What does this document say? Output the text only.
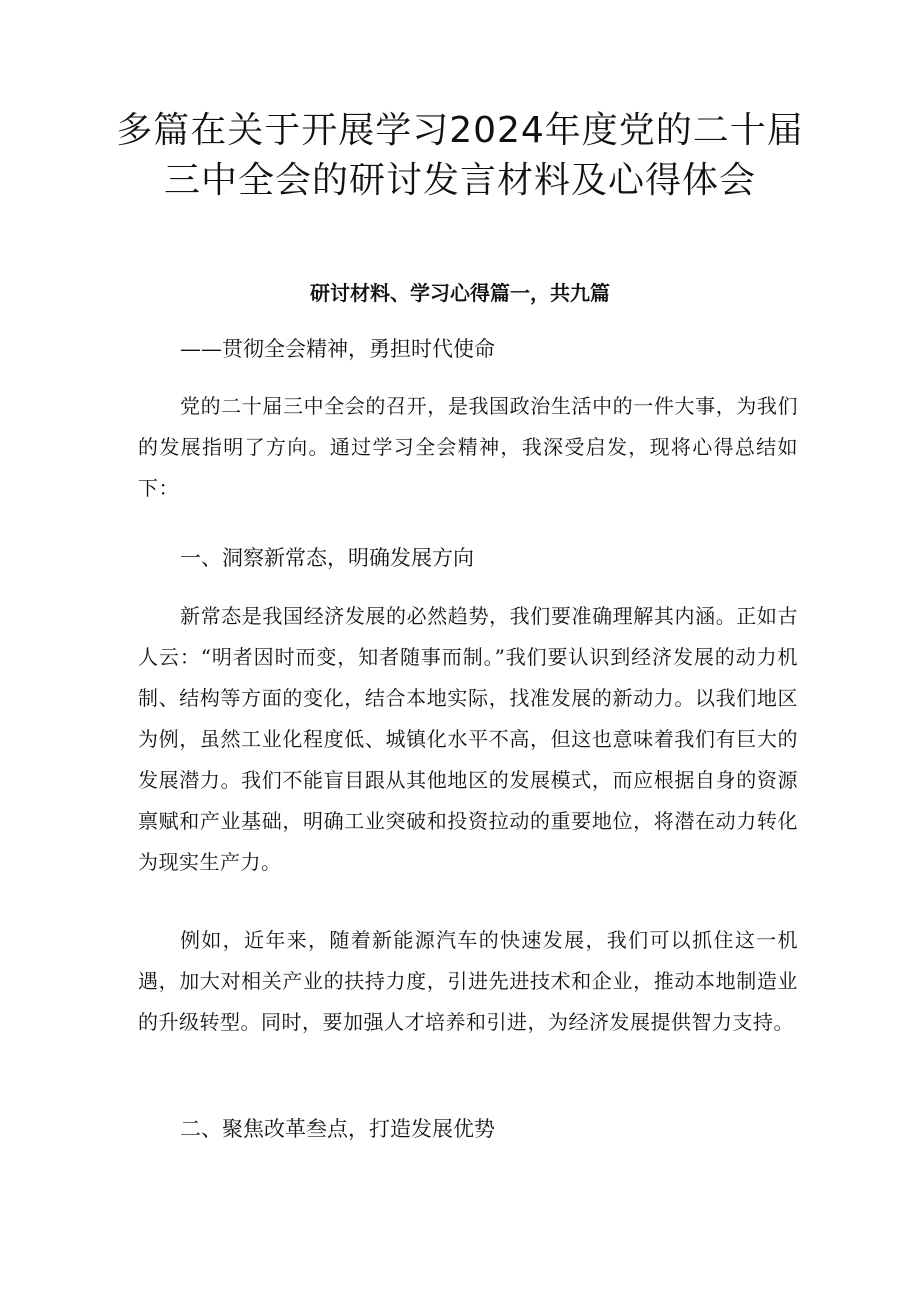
多篇在关于开展学习2024年度党的二十届
三中全会的研讨发言材料及心得体会
研讨材料、学习心得篇一，共九篇
——贯彻全会精神，勇担时代使命

党的二十届三中全会的召开，是我国政治生活中的一件大事，为我们的发展指明了方向。通过学习全会精神，我深受启发，现将心得总结如下：

一、洞察新常态，明确发展方向

新常态是我国经济发展的必然趋势，我们要准确理解其内涵。正如古人云：“明者因时而变，知者随事而制。”我们要认识到经济发展的动力机制、结构等方面的变化，结合本地实际，找准发展的新动力。以我们地区为例，虽然工业化程度低、城镇化水平不高，但这也意味着我们有巨大的发展潜力。我们不能盲目跟从其他地区的发展模式，而应根据自身的资源禀赋和产业基础，明确工业突破和投资拉动的重要地位，将潜在动力转化为现实生产力。

例如，近年来，随着新能源汽车的快速发展，我们可以抓住这一机遇，加大对相关产业的扶持力度，引进先进技术和企业，推动本地制造业的升级转型。同时，要加强人才培养和引进，为经济发展提供智力支持。

二、聚焦改革叁点，打造发展优势
